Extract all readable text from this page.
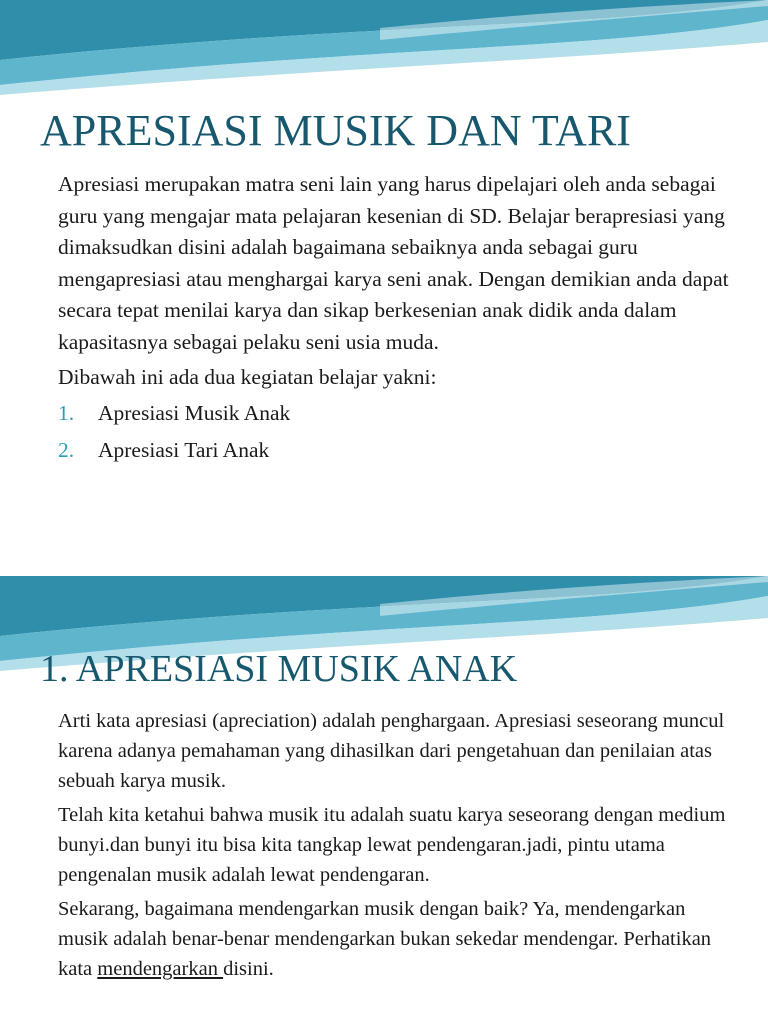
APRESIASI MUSIK DAN TARI

Apresiasi merupakan matra seni lain yang harus dipelajari oleh anda sebagai guru yang mengajar mata pelajaran kesenian di SD. Belajar berapresiasi yang dimaksudkan disini adalah bagaimana sebaiknya anda sebagai guru mengapresiasi atau menghargai karya seni anak. Dengan demikian anda dapat secara tepat menilai karya dan sikap berkesenian anak didik anda dalam kapasitasnya sebagai pelaku seni usia muda.

Dibawah ini ada dua kegiatan belajar yakni:

1. Apresiasi Musik Anak
2. Apresiasi Tari Anak
1. APRESIASI MUSIK ANAK

Arti kata apresiasi (apreciation) adalah penghargaan. Apresiasi seseorang muncul karena adanya pemahaman yang dihasilkan dari pengetahuan dan penilaian atas sebuah karya musik.

Telah kita ketahui bahwa musik itu adalah suatu karya seseorang dengan medium bunyi.dan bunyi itu bisa kita tangkap lewat pendengaran.jadi, pintu utama pengenalan musik adalah lewat pendengaran.

Sekarang, bagaimana mendengarkan musik dengan baik? Ya, mendengarkan musik adalah benar-benar mendengarkan bukan sekedar mendengar. Perhatikan kata mendengarkan disini.
